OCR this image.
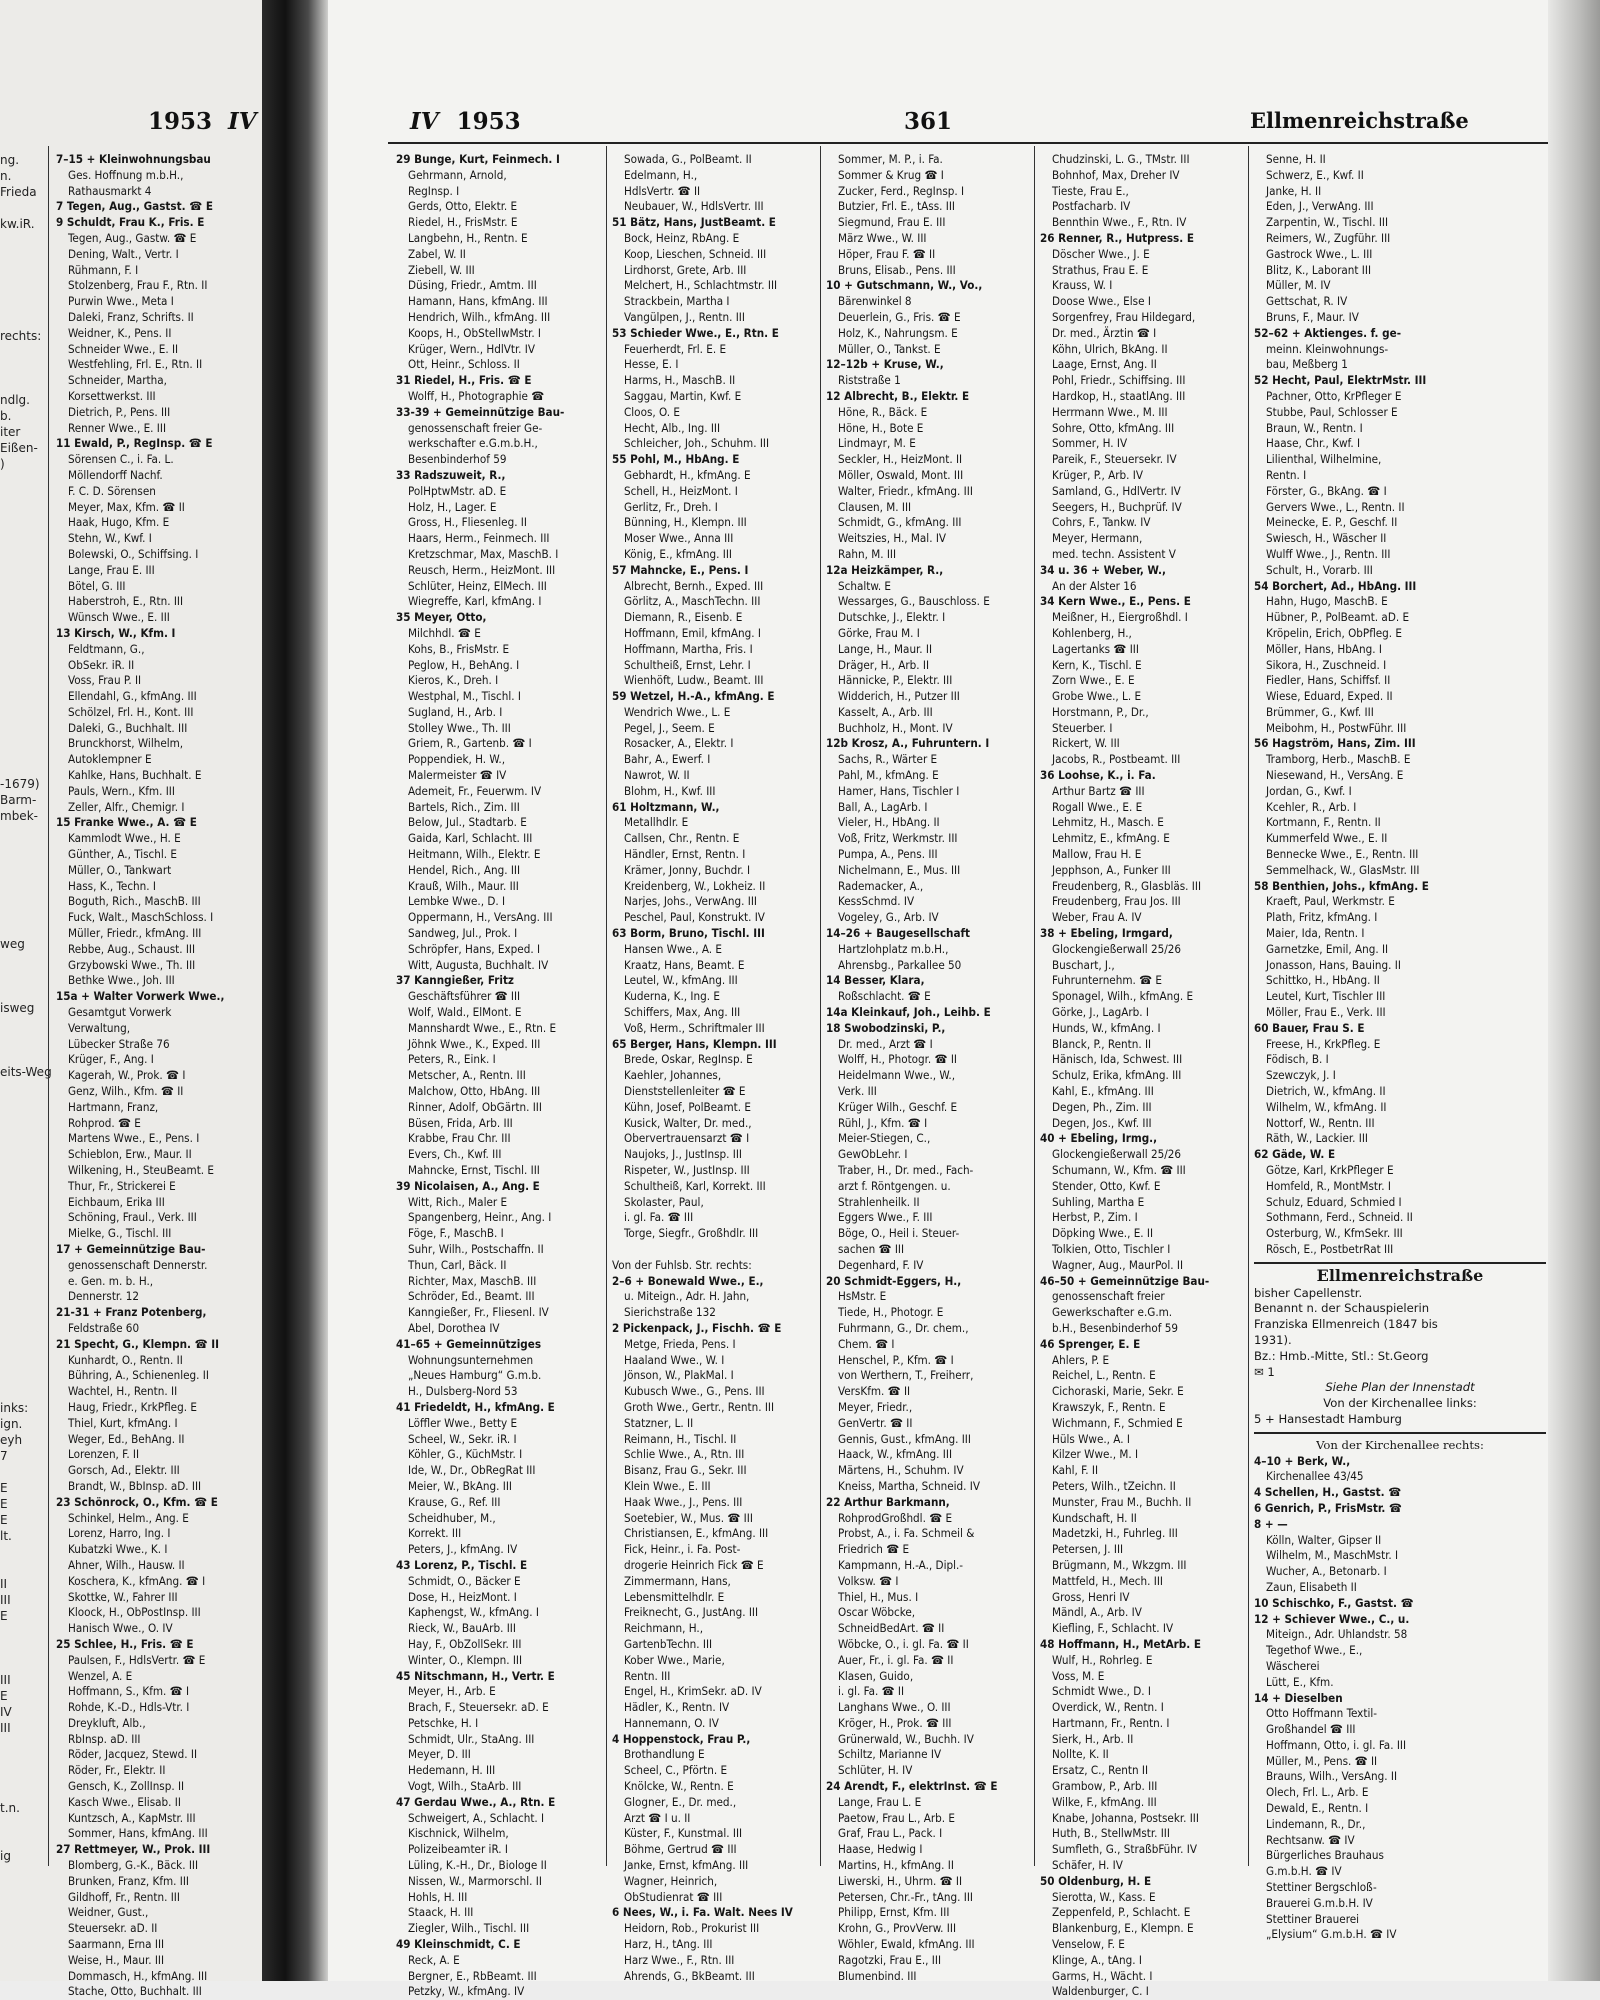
1953 IV
ng.
n.
Frieda

kw.iR.

rechts:

ndlg.
b.
iter
Eißen-
)

-1679)
Barm-
mbek-

weg

isweg

eits-Weg

inks:
ign.
eyh
7

E
E
E
lt.

II
III
E

III
E
IV
III

t.n.

ig
7–15 + Kleinwohnungsbau
Ges. Hoffnung m.b.H.,
Rathausmarkt 4
7 Tegen, Aug., Gastst. ☎ E
9 Schuldt, Frau K., Fris. E
Tegen, Aug., Gastw. ☎ E
Dening, Walt., Vertr. I
Rühmann, F. I
Stolzenberg, Frau F., Rtn. II
Purwin Wwe., Meta I
Daleki, Franz, Schrifts. II
Weidner, K., Pens. II
Schneider Wwe., E. II
Westfehling, Frl. E., Rtn. II
Schneider, Martha,
Korsettwerkst. III
Dietrich, P., Pens. III
Renner Wwe., E. III
11 Ewald, P., RegInsp. ☎ E
Sörensen C., i. Fa. L.
Möllendorff Nachf.
F. C. D. Sörensen
Meyer, Max, Kfm. ☎ II
Haak, Hugo, Kfm. E
Stehn, W., Kwf. I
Bolewski, O., Schiffsing. I
Lange, Frau E. III
Bötel, G. III
Haberstroh, E., Rtn. III
Wünsch Wwe., E. III
13 Kirsch, W., Kfm. I
Feldtmann, G.,
ObSekr. iR. II
Voss, Frau P. II
Ellendahl, G., kfmAng. III
Schölzel, Frl. H., Kont. III
Daleki, G., Buchhalt. III
Brunckhorst, Wilhelm,
Autoklempner E
Kahlke, Hans, Buchhalt. E
Pauls, Wern., Kfm. III
Zeller, Alfr., Chemigr. I
15 Franke Wwe., A. ☎ E
Kammlodt Wwe., H. E
Günther, A., Tischl. E
Müller, O., Tankwart
Hass, K., Techn. I
Boguth, Rich., MaschB. III
Fuck, Walt., MaschSchloss. I
Müller, Friedr., kfmAng. III
Rebbe, Aug., Schaust. III
Grzybowski Wwe., Th. III
Bethke Wwe., Joh. III
15a + Walter Vorwerk Wwe.,
Gesamtgut Vorwerk
Verwaltung,
Lübecker Straße 76
Krüger, F., Ang. I
Kagerah, W., Prok. ☎ I
Genz, Wilh., Kfm. ☎ II
Hartmann, Franz,
Rohprod. ☎ E
Martens Wwe., E., Pens. I
Schieblon, Erw., Maur. II
Wilkening, H., SteuBeamt. E
Thur, Fr., Strickerei E
Eichbaum, Erika III
Schöning, Fraul., Verk. III
Mielke, G., Tischl. III
17 + Gemeinnützige Bau-
genossenschaft Dennerstr.
e. Gen. m. b. H.,
Dennerstr. 12
21-31 + Franz Potenberg,
Feldstraße 60
21 Specht, G., Klempn. ☎ II
Kunhardt, O., Rentn. II
Bühring, A., Schienenleg. II
Wachtel, H., Rentn. II
Haug, Friedr., KrkPfleg. E
Thiel, Kurt, kfmAng. I
Weger, Ed., BehAng. II
Lorenzen, F. II
Gorsch, Ad., Elektr. III
Brandt, W., BbInsp. aD. III
23 Schönrock, O., Kfm. ☎ E
Schinkel, Helm., Ang. E
Lorenz, Harro, Ing. I
Kubatzki Wwe., K. I
Ahner, Wilh., Hausw. II
Koschera, K., kfmAng. ☎ I
Skottke, W., Fahrer III
Kloock, H., ObPostInsp. III
Hanisch Wwe., O. IV
25 Schlee, H., Fris. ☎ E
Paulsen, F., HdlsVertr. ☎ E
Wenzel, A. E
Hoffmann, S., Kfm. ☎ I
Rohde, K.-D., Hdls-Vtr. I
Dreykluft, Alb.,
RbInsp. aD. III
Röder, Jacquez, Stewd. II
Röder, Fr., Elektr. II
Gensch, K., ZollInsp. II
Kasch Wwe., Elisab. II
Kuntzsch, A., KapMstr. III
Sommer, Hans, kfmAng. III
27 Rettmeyer, W., Prok. III
Blomberg, G.-K., Bäck. III
Brunken, Franz, Kfm. III
Gildhoff, Fr., Rentn. III
Weidner, Gust.,
Steuersekr. aD. II
Saarmann, Erna III
Weise, H., Maur. III
Dommasch, H., kfmAng. III
Stache, Otto, Buchhalt. III
IV 1953	361	Ellmenreichstraße
29 Bunge, Kurt, Feinmech. I
Gehrmann, Arnold,
RegInsp. I
Gerds, Otto, Elektr. E
Riedel, H., FrisMstr. E
Langbehn, H., Rentn. E
Zabel, W. II
Ziebell, W. III
Düsing, Friedr., Amtm. III
Hamann, Hans, kfmAng. III
Hendrich, Wilh., kfmAng. III
Koops, H., ObStellwMstr. I
Krüger, Wern., HdlVtr. IV
Ott, Heinr., Schloss. II
31 Riedel, H., Fris. ☎ E
Wolff, H., Photographie ☎
33-39 + Gemeinnützige Bau-
genossenschaft freier Ge-
werkschafter e.G.m.b.H.,
Besenbinderhof 59
33 Radszuweit, R.,
PolHptwMstr. aD. E
Holz, H., Lager. E
Gross, H., Fliesenleg. II
Haars, Herm., Feinmech. III
Kretzschmar, Max, MaschB. I
Reusch, Herm., HeizMont. III
Schlüter, Heinz, ElMech. III
Wiegreffe, Karl, kfmAng. I
35 Meyer, Otto,
Milchhdl. ☎ E
Kohs, B., FrisMstr. E
Peglow, H., BehAng. I
Kieros, K., Dreh. I
Westphal, M., Tischl. I
Sugland, H., Arb. I
Stolley Wwe., Th. III
Griem, R., Gartenb. ☎ I
Poppendiek, H. W.,
Malermeister ☎ IV
Ademeit, Fr., Feuerwm. IV
Bartels, Rich., Zim. III
Below, Jul., Stadtarb. E
Gaida, Karl, Schlacht. III
Heitmann, Wilh., Elektr. E
Hendel, Rich., Ang. III
Krauß, Wilh., Maur. III
Lembke Wwe., D. I
Oppermann, H., VersAng. III
Sandweg, Jul., Prok. I
Schröpfer, Hans, Exped. I
Witt, Augusta, Buchhalt. IV
37 Kanngießer, Fritz
Geschäftsführer ☎ III
Wolf, Wald., ElMont. E
Mannshardt Wwe., E., Rtn. E
Jöhnk Wwe., K., Exped. III
Peters, R., Eink. I
Metscher, A., Rentn. III
Malchow, Otto, HbAng. III
Rinner, Adolf, ObGärtn. III
Büsen, Frida, Arb. III
Krabbe, Frau Chr. III
Evers, Ch., Kwf. III
Mahncke, Ernst, Tischl. III
39 Nicolaisen, A., Ang. E
Witt, Rich., Maler E
Spangenberg, Heinr., Ang. I
Föge, F., MaschB. I
Suhr, Wilh., Postschaffn. II
Thun, Carl, Bäck. II
Richter, Max, MaschB. III
Schröder, Ed., Beamt. III
Kanngießer, Fr., Fliesenl. IV
Abel, Dorothea IV
41–65 + Gemeinnütziges
Wohnungsunternehmen
„Neues Hamburg“ G.m.b.
H., Dulsberg-Nord 53
41 Friedeldt, H., kfmAng. E
Löffler Wwe., Betty E
Scheel, W., Sekr. iR. I
Köhler, G., KüchMstr. I
Ide, W., Dr., ObRegRat III
Meier, W., BkAng. III
Krause, G., Ref. III
Scheidhuber, M.,
Korrekt. III
Peters, J., kfmAng. IV
43 Lorenz, P., Tischl. E
Schmidt, O., Bäcker E
Dose, H., HeizMont. I
Kaphengst, W., kfmAng. I
Rieck, W., BauArb. III
Hay, F., ObZollSekr. III
Winter, O., Klempn. III
45 Nitschmann, H., Vertr. E
Meyer, H., Arb. E
Brach, F., Steuersekr. aD. E
Petschke, H. I
Schmidt, Ulr., StaAng. III
Meyer, D. III
Hedemann, H. III
Vogt, Wilh., StaArb. III
47 Gerdau Wwe., A., Rtn. E
Schweigert, A., Schlacht. I
Kischnick, Wilhelm,
Polizeibeamter iR. I
Lüling, K.-H., Dr., Biologe II
Nissen, W., Marmorschl. II
Hohls, H. III
Staack, H. III
Ziegler, Wilh., Tischl. III
49 Kleinschmidt, C. E
Reck, A. E
Bergner, E., RbBeamt. III
Petzky, W., kfmAng. IV
Sowada, G., PolBeamt. II
Edelmann, H.,
HdlsVertr. ☎ II
Neubauer, W., HdlsVertr. III
51 Bätz, Hans, JustBeamt. E
Bock, Heinz, RbAng. E
Koop, Lieschen, Schneid. III
Lirdhorst, Grete, Arb. III
Melchert, H., Schlachtmstr. III
Strackbein, Martha I
Vangülpen, J., Rentn. III
53 Schieder Wwe., E., Rtn. E
Feuerherdt, Frl. E. E
Hesse, E. I
Harms, H., MaschB. II
Saggau, Martin, Kwf. E
Cloos, O. E
Hecht, Alb., Ing. III
Schleicher, Joh., Schuhm. III
55 Pohl, M., HbAng. E
Gebhardt, H., kfmAng. E
Schell, H., HeizMont. I
Gerlitz, Fr., Dreh. I
Bünning, H., Klempn. III
Moser Wwe., Anna III
König, E., kfmAng. III
57 Mahncke, E., Pens. I
Albrecht, Bernh., Exped. III
Görlitz, A., MaschTechn. III
Diemann, R., Eisenb. E
Hoffmann, Emil, kfmAng. I
Hoffmann, Martha, Fris. I
Schultheiß, Ernst, Lehr. I
Wienhöft, Ludw., Beamt. III
59 Wetzel, H.-A., kfmAng. E
Wendrich Wwe., L. E
Pegel, J., Seem. E
Rosacker, A., Elektr. I
Bahr, A., Ewerf. I
Nawrot, W. II
Blohm, H., Kwf. III
61 Holtzmann, W.,
Metallhdlr. E
Callsen, Chr., Rentn. E
Händler, Ernst, Rentn. I
Krämer, Jonny, Buchdr. I
Kreidenberg, W., Lokheiz. II
Narjes, Johs., VerwAng. III
Peschel, Paul, Konstrukt. IV
63 Borm, Bruno, Tischl. III
Hansen Wwe., A. E
Kraatz, Hans, Beamt. E
Leutel, W., kfmAng. III
Kuderna, K., Ing. E
Schiffers, Max, Ang. III
Voß, Herm., Schriftmaler III
65 Berger, Hans, Klempn. III
Brede, Oskar, RegInsp. E
Kaehler, Johannes,
Dienststellenleiter ☎ E
Kühn, Josef, PolBeamt. E
Kusick, Walter, Dr. med.,
Obervertrauensarzt ☎ I
Naujoks, J., JustInsp. III
Rispeter, W., JustInsp. III
Schultheiß, Karl, Korrekt. III
Skolaster, Paul,
i. gl. Fa. ☎ III
Torge, Siegfr., Großhdlr. III

Von der Fuhlsb. Str. rechts:
2–6 + Bonewald Wwe., E.,
u. Miteign., Adr. H. Jahn,
Sierichstraße 132
2 Pickenpack, J., Fischh. ☎ E
Metge, Frieda, Pens. I
Haaland Wwe., W. I
Jönson, W., PlakMal. I
Kubusch Wwe., G., Pens. III
Groth Wwe., Gertr., Rentn. III
Statzner, L. II
Reimann, H., Tischl. II
Schlie Wwe., A., Rtn. III
Bisanz, Frau G., Sekr. III
Klein Wwe., E. III
Haak Wwe., J., Pens. III
Soetebier, W., Mus. ☎ III
Christiansen, E., kfmAng. III
Fick, Heinr., i. Fa. Post-
drogerie Heinrich Fick ☎ E
Zimmermann, Hans,
Lebensmittelhdlr. E
Freiknecht, G., JustAng. III
Reichmann, H.,
GartenbTechn. III
Kober Wwe., Marie,
Rentn. III
Engel, H., KrimSekr. aD. IV
Hädler, K., Rentn. IV
Hannemann, O. IV
4 Hoppenstock, Frau P.,
Brothandlung E
Scheel, C., Pförtn. E
Knölcke, W., Rentn. E
Glogner, E., Dr. med.,
Arzt ☎ I u. II
Küster, F., Kunstmal. III
Böhme, Gertrud ☎ III
Janke, Ernst, kfmAng. III
Wagner, Heinrich,
ObStudienrat ☎ III
6 Nees, W., i. Fa. Walt. Nees IV
Heidorn, Rob., Prokurist III
Harz, H., tAng. III
Harz Wwe., F., Rtn. III
Ahrends, G., BkBeamt. III
Sommer, M. P., i. Fa.
Sommer & Krug ☎ I
Zucker, Ferd., RegInsp. I
Butzier, Frl. E., tAss. III
Siegmund, Frau E. III
März Wwe., W. III
Höper, Frau F. ☎ II
Bruns, Elisab., Pens. III
10 + Gutschmann, W., Vo.,
Bärenwinkel 8
Deuerlein, G., Fris. ☎ E
Holz, K., Nahrungsm. E
Müller, O., Tankst. E
12–12b + Kruse, W.,
Riststraße 1
12 Albrecht, B., Elektr. E
Höne, R., Bäck. E
Höne, H., Bote E
Lindmayr, M. E
Seckler, H., HeizMont. II
Möller, Oswald, Mont. III
Walter, Friedr., kfmAng. III
Clausen, M. III
Schmidt, G., kfmAng. III
Weitszies, H., Mal. IV
Rahn, M. III
12a Heizkämper, R.,
Schaltw. E
Wessarges, G., Bauschloss. E
Dutschke, J., Elektr. I
Görke, Frau M. I
Lange, H., Maur. II
Dräger, H., Arb. II
Hännicke, P., Elektr. III
Widderich, H., Putzer III
Kasselt, A., Arb. III
Buchholz, H., Mont. IV
12b Krosz, A., Fuhruntern. I
Sachs, R., Wärter E
Pahl, M., kfmAng. E
Hamer, Hans, Tischler I
Ball, A., LagArb. I
Vieler, H., HbAng. II
Voß, Fritz, Werkmstr. III
Pumpa, A., Pens. III
Nichelmann, E., Mus. III
Rademacker, A.,
KessSchmd. IV
Vogeley, G., Arb. IV
14–26 + Baugesellschaft
Hartzlohplatz m.b.H.,
Ahrensbg., Parkallee 50
14 Besser, Klara,
Roßschlacht. ☎ E
14a Kleinkauf, Joh., Leihb. E
18 Swobodzinski, P.,
Dr. med., Arzt ☎ I
Wolff, H., Photogr. ☎ II
Heidelmann Wwe., W.,
Verk. III
Krüger Wilh., Geschf. E
Rühl, J., Kfm. ☎ I
Meier-Stiegen, C.,
GewObLehr. I
Traber, H., Dr. med., Fach-
arzt f. Röntgengen. u.
Strahlenheilk. II
Eggers Wwe., F. III
Böge, O., Heil i. Steuer-
sachen ☎ III
Degenhard, F. IV
20 Schmidt-Eggers, H.,
HsMstr. E
Tiede, H., Photogr. E
Fuhrmann, G., Dr. chem.,
Chem. ☎ I
Henschel, P., Kfm. ☎ I
von Werthern, T., Freiherr,
VersKfm. ☎ II
Meyer, Friedr.,
GenVertr. ☎ II
Gennis, Gust., kfmAng. III
Haack, W., kfmAng. III
Märtens, H., Schuhm. IV
Kneiss, Martha, Schneid. IV
22 Arthur Barkmann,
RohprodGroßhdl. ☎ E
Probst, A., i. Fa. Schmeil &
Friedrich ☎ E
Kampmann, H.-A., Dipl.-
Volksw. ☎ I
Thiel, H., Mus. I
Oscar Wöbcke,
SchneidBedArt. ☎ II
Wöbcke, O., i. gl. Fa. ☎ II
Auer, Fr., i. gl. Fa. ☎ II
Klasen, Guido,
i. gl. Fa. ☎ II
Langhans Wwe., O. III
Kröger, H., Prok. ☎ III
Grünerwald, W., Buchh. IV
Schiltz, Marianne IV
Schlüter, H. IV
24 Arendt, F., elektrInst. ☎ E
Lange, Frau L. E
Paetow, Frau L., Arb. E
Graf, Frau L., Pack. I
Haase, Hedwig I
Martins, H., kfmAng. II
Liwerski, H., Uhrm. ☎ II
Petersen, Chr.-Fr., tAng. III
Philipp, Ernst, Kfm. III
Krohn, G., ProvVerw. III
Wöhler, Ewald, kfmAng. III
Ragotzki, Frau E., III
Blumenbind. III
Chudzinski, L. G., TMstr. III
Bohnhof, Max, Dreher IV
Tieste, Frau E.,
Postfacharb. IV
Bennthin Wwe., F., Rtn. IV
26 Renner, R., Hutpress. E
Döscher Wwe., J. E
Strathus, Frau E. E
Krauss, W. I
Doose Wwe., Else I
Sorgenfrey, Frau Hildegard,
Dr. med., Ärztin ☎ I
Köhn, Ulrich, BkAng. II
Laage, Ernst, Ang. II
Pohl, Friedr., Schiffsing. III
Hardkop, H., staatlAng. III
Herrmann Wwe., M. III
Sohre, Otto, kfmAng. III
Sommer, H. IV
Pareik, F., Steuersekr. IV
Krüger, P., Arb. IV
Samland, G., HdlVertr. IV
Seegers, H., Buchprüf. IV
Cohrs, F., Tankw. IV
Meyer, Hermann,
med. techn. Assistent V
34 u. 36 + Weber, W.,
An der Alster 16
34 Kern Wwe., E., Pens. E
Meißner, H., Eiergroßhdl. I
Kohlenberg, H.,
Lagertanks ☎ III
Kern, K., Tischl. E
Zorn Wwe., E. E
Grobe Wwe., L. E
Horstmann, P., Dr.,
Steuerber. I
Rickert, W. III
Jacobs, R., Postbeamt. III
36 Loohse, K., i. Fa.
Arthur Bartz ☎ III
Rogall Wwe., E. E
Lehmitz, H., Masch. E
Lehmitz, E., kfmAng. E
Mallow, Frau H. E
Jepphson, A., Funker III
Freudenberg, R., Glasbläs. III
Freudenberg, Frau Jos. III
Weber, Frau A. IV
38 + Ebeling, Irmgard,
Glockengießerwall 25/26
Buschart, J.,
Fuhrunternehm. ☎ E
Sponagel, Wilh., kfmAng. E
Görke, J., LagArb. I
Hunds, W., kfmAng. I
Blanck, P., Rentn. II
Hänisch, Ida, Schwest. III
Schulz, Erika, kfmAng. III
Kahl, E., kfmAng. III
Degen, Ph., Zim. III
Degen, Jos., Kwf. III
40 + Ebeling, Irmg.,
Glockengießerwall 25/26
Schumann, W., Kfm. ☎ III
Stender, Otto, Kwf. E
Suhling, Martha E
Herbst, P., Zim. I
Döpking Wwe., E. II
Tolkien, Otto, Tischler I
Wagner, Aug., MaurPol. II
46–50 + Gemeinnützige Bau-
genossenschaft freier
Gewerkschafter e.G.m.
b.H., Besenbinderhof 59
46 Sprenger, E. E
Ahlers, P. E
Reichel, L., Rentn. E
Cichoraski, Marie, Sekr. E
Krawszyk, F., Rentn. E
Wichmann, F., Schmied E
Hüls Wwe., A. I
Kilzer Wwe., M. I
Kahl, F. II
Peters, Wilh., tZeichn. II
Munster, Frau M., Buchh. II
Kundschaft, H. II
Madetzki, H., Fuhrleg. III
Petersen, J. III
Brügmann, M., Wkzgm. III
Mattfeld, H., Mech. III
Gross, Henri IV
Mändl, A., Arb. IV
Kiefling, F., Schlacht. IV
48 Hoffmann, H., MetArb. E
Wulf, H., Rohrleg. E
Voss, M. E
Schmidt Wwe., D. I
Overdick, W., Rentn. I
Hartmann, Fr., Rentn. I
Sierk, H., Arb. II
Nollte, K. II
Ersatz, C., Rentn II
Grambow, P., Arb. III
Wilke, F., kfmAng. III
Knabe, Johanna, Postsekr. III
Huth, B., StellwMstr. III
Sumfleth, G., StraßbFühr. IV
Schäfer, H. IV
50 Oldenburg, H. E
Sierotta, W., Kass. E
Zeppenfeld, P., Schlacht. E
Blankenburg, E., Klempn. E
Venselow, F. E
Klinge, A., tAng. I
Garms, H., Wächt. I
Waldenburger, C. I
Senne, H. II
Schwerz, E., Kwf. II
Janke, H. II
Eden, J., VerwAng. III
Zarpentin, W., Tischl. III
Reimers, W., Zugführ. III
Gastrock Wwe., L. III
Blitz, K., Laborant III
Müller, M. IV
Gettschat, R. IV
Bruns, F., Maur. IV
52–62 + Aktienges. f. ge-
meinn. Kleinwohnungs-
bau, Meßberg 1
52 Hecht, Paul, ElektrMstr. III
Pachner, Otto, KrPfleger E
Stubbe, Paul, Schlosser E
Braun, W., Rentn. I
Haase, Chr., Kwf. I
Lilienthal, Wilhelmine,
Rentn. I
Förster, G., BkAng. ☎ I
Gervers Wwe., L., Rentn. II
Meinecke, E. P., Geschf. II
Swiesch, H., Wäscher II
Wulff Wwe., J., Rentn. III
Schult, H., Vorarb. III
54 Borchert, Ad., HbAng. III
Hahn, Hugo, MaschB. E
Hübner, P., PolBeamt. aD. E
Kröpelin, Erich, ObPfleg. E
Möller, Hans, HbAng. I
Sikora, H., Zuschneid. I
Fiedler, Hans, Schiffsf. II
Wiese, Eduard, Exped. II
Brümmer, G., Kwf. III
Meibohm, H., PostwFühr. III
56 Hagström, Hans, Zim. III
Tramborg, Herb., MaschB. E
Niesewand, H., VersAng. E
Jordan, G., Kwf. I
Kcehler, R., Arb. I
Kortmann, F., Rentn. II
Kummerfeld Wwe., E. II
Bennecke Wwe., E., Rentn. III
Semmelhack, W., GlasMstr. III
58 Benthien, Johs., kfmAng. E
Kraeft, Paul, Werkmstr. E
Plath, Fritz, kfmAng. I
Maier, Ida, Rentn. I
Garnetzke, Emil, Ang. II
Jonasson, Hans, Bauing. II
Schittko, H., HbAng. II
Leutel, Kurt, Tischler III
Möller, Frau E., Verk. III
60 Bauer, Frau S. E
Freese, H., KrkPfleg. E
Födisch, B. I
Szewczyk, J. I
Dietrich, W., kfmAng. II
Wilhelm, W., kfmAng. II
Nottorf, W., Rentn. III
Räth, W., Lackier. III
62 Gäde, W. E
Götze, Karl, KrkPfleger E
Homfeld, R., MontMstr. I
Schulz, Eduard, Schmied I
Sothmann, Ferd., Schneid. II
Osterburg, W., KfmSekr. III
Rösch, E., PostbetrRat III
Ellmenreichstraße
bisher Capellenstr.
Benannt n. der Schauspielerin
Franziska Ellmenreich (1847 bis
1931).
Bz.: Hmb.-Mitte, Stl.: St.Georg
✉ 1
Siehe Plan der Innenstadt
Von der Kirchenallee links:
5 + Hansestadt Hamburg
Von der Kirchenallee rechts:
4–10 + Berk, W.,
Kirchenallee 43/45
4 Schellen, H., Gastst. ☎
6 Genrich, P., FrisMstr. ☎
8 + —
Kölln, Walter, Gipser II
Wilhelm, M., MaschMstr. I
Wucher, A., Betonarb. I
Zaun, Elisabeth II
10 Schischko, F., Gastst. ☎
12 + Schiever Wwe., C., u.
Miteign., Adr. Uhlandstr. 58
Tegethof Wwe., E.,
Wäscherei
Lütt, E., Kfm.
14 + Dieselben
Otto Hoffmann Textil-
Großhandel ☎ III
Hoffmann, Otto, i. gl. Fa. III
Müller, M., Pens. ☎ II
Brauns, Wilh., VersAng. II
Olech, Frl. L., Arb. E
Dewald, E., Rentn. I
Lindemann, R., Dr.,
Rechtsanw. ☎ IV
Bürgerliches Brauhaus
G.m.b.H. ☎ IV
Stettiner Bergschloß-
Brauerei G.m.b.H. IV
Stettiner Brauerei
„Elysium“ G.m.b.H. ☎ IV
